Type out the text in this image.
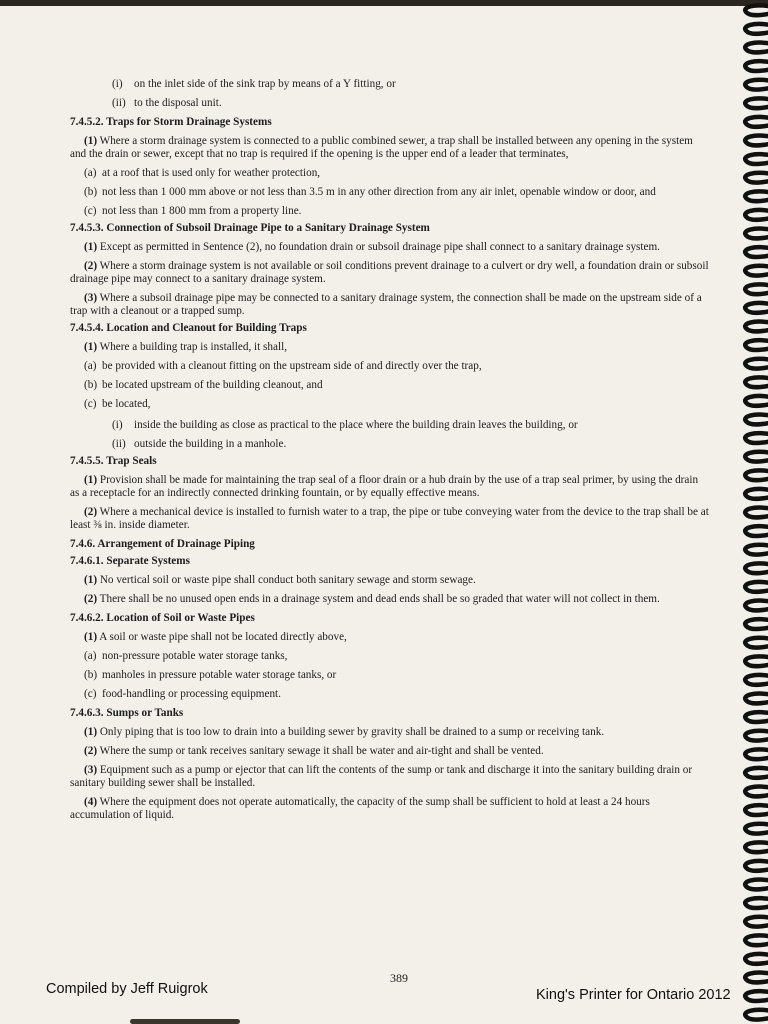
(i) on the inlet side of the sink trap by means of a Y fitting, or
(ii) to the disposal unit.
7.4.5.2. Traps for Storm Drainage Systems
(1) Where a storm drainage system is connected to a public combined sewer, a trap shall be installed between any opening in the system and the drain or sewer, except that no trap is required if the opening is the upper end of a leader that terminates,
(a) at a roof that is used only for weather protection,
(b) not less than 1 000 mm above or not less than 3.5 m in any other direction from any air inlet, openable window or door, and
(c) not less than 1 800 mm from a property line.
7.4.5.3. Connection of Subsoil Drainage Pipe to a Sanitary Drainage System
(1) Except as permitted in Sentence (2), no foundation drain or subsoil drainage pipe shall connect to a sanitary drainage system.
(2) Where a storm drainage system is not available or soil conditions prevent drainage to a culvert or dry well, a foundation drain or subsoil drainage pipe may connect to a sanitary drainage system.
(3) Where a subsoil drainage pipe may be connected to a sanitary drainage system, the connection shall be made on the upstream side of a trap with a cleanout or a trapped sump.
7.4.5.4. Location and Cleanout for Building Traps
(1) Where a building trap is installed, it shall,
(a) be provided with a cleanout fitting on the upstream side of and directly over the trap,
(b) be located upstream of the building cleanout, and
(c) be located,
(i) inside the building as close as practical to the place where the building drain leaves the building, or
(ii) outside the building in a manhole.
7.4.5.5. Trap Seals
(1) Provision shall be made for maintaining the trap seal of a floor drain or a hub drain by the use of a trap seal primer, by using the drain as a receptacle for an indirectly connected drinking fountain, or by equally effective means.
(2) Where a mechanical device is installed to furnish water to a trap, the pipe or tube conveying water from the device to the trap shall be at least ⅜ in. inside diameter.
7.4.6. Arrangement of Drainage Piping
7.4.6.1. Separate Systems
(1) No vertical soil or waste pipe shall conduct both sanitary sewage and storm sewage.
(2) There shall be no unused open ends in a drainage system and dead ends shall be so graded that water will not collect in them.
7.4.6.2. Location of Soil or Waste Pipes
(1) A soil or waste pipe shall not be located directly above,
(a) non-pressure potable water storage tanks,
(b) manholes in pressure potable water storage tanks, or
(c) food-handling or processing equipment.
7.4.6.3. Sumps or Tanks
(1) Only piping that is too low to drain into a building sewer by gravity shall be drained to a sump or receiving tank.
(2) Where the sump or tank receives sanitary sewage it shall be water and air-tight and shall be vented.
(3) Equipment such as a pump or ejector that can lift the contents of the sump or tank and discharge it into the sanitary building drain or sanitary building sewer shall be installed.
(4) Where the equipment does not operate automatically, the capacity of the sump shall be sufficient to hold at least a 24 hours accumulation of liquid.
389
Compiled by Jeff Ruigrok	King's Printer for Ontario 2012
